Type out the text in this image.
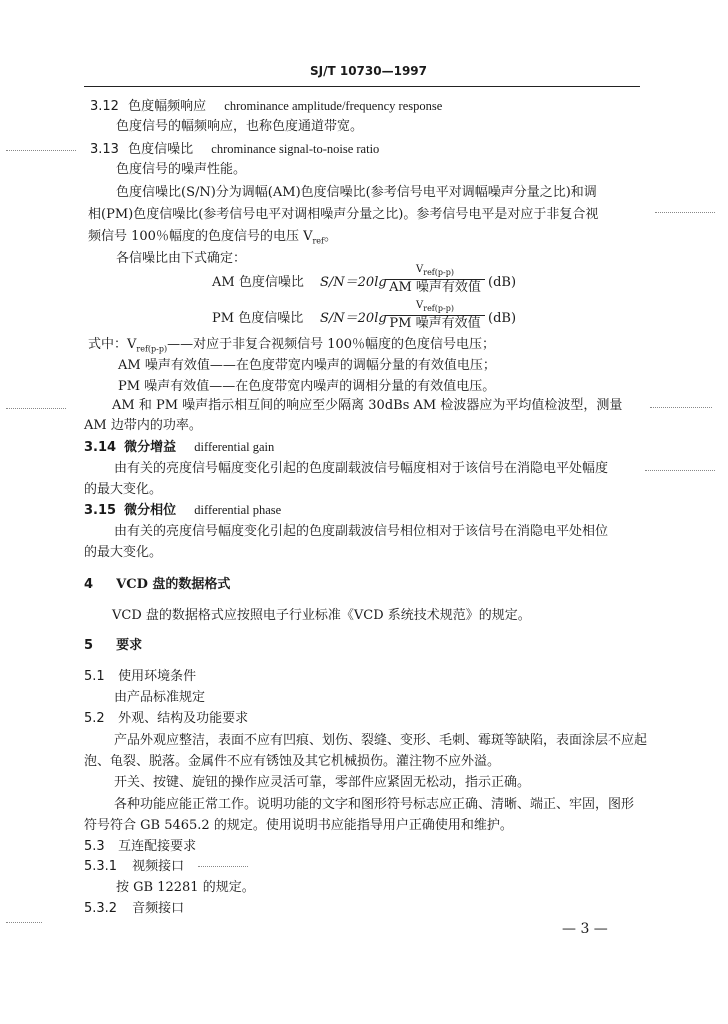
SJ/T 10730—1997
3.12 色度幅频响应 chrominance amplitude/frequency response
色度信号的幅频响应，也称色度通道带宽。
3.13 色度信噪比 chrominance signal-to-noise ratio
色度信号的噪声性能。
色度信噪比(S/N)分为调幅(AM)色度信噪比(参考信号电平对调幅噪声分量之比)和调
相(PM)色度信噪比(参考信号电平对调相噪声分量之比)。参考信号电平是对应于非复合视
频信号 100％幅度的色度信号的电压 $V_{ref}$。
各信噪比由下式确定：
AM 色度信噪比 S/N＝20lg
$V_{ref(p-p)}$
AM 噪声有效值 (dB)
PM 色度信噪比 S/N＝20lg
$V_{ref(p-p)}$
PM 噪声有效值 (dB)
式中：$V_{ref(p-p)}——$对应于非复合视频信号 100％幅度的色度信号电压；
AM 噪声有效值——在色度带宽内噪声的调幅分量的有效值电压；
PM 噪声有效值——在色度带宽内噪声的调相分量的有效值电压。
AM 和 PM 噪声指示相互间的响应至少隔离 30dBs AM 检波器应为平均值检波型，测量
AM 边带内的功率。
3.14 微分增益 differential gain
由有关的亮度信号幅度变化引起的色度副载波信号幅度相对于该信号在消隐电平处幅度
的最大变化。
3.15 微分相位 differential phase
由有关的亮度信号幅度变化引起的色度副载波信号相位相对于该信号在消隐电平处相位
的最大变化。
4 VCD 盘的数据格式
VCD 盘的数据格式应按照电子行业标准《VCD 系统技术规范》的规定。
5 要求
5.1 使用环境条件
由产品标准规定
5.2 外观、结构及功能要求
产品外观应整洁，表面不应有凹痕、划伤、裂缝、变形、毛刺、霉斑等缺陷，表面涂层不应起
泡、龟裂、脱落。金属件不应有锈蚀及其它机械损伤。灌注物不应外溢。
开关、按键、旋钮的操作应灵活可靠，零部件应紧固无松动，指示正确。
各种功能应能正常工作。说明功能的文字和图形符号标志应正确、清晰、端正、牢固，图形
符号符合 GB 5465.2 的规定。使用说明书应能指导用户正确使用和维护。
5.3 互连配接要求
5.3.1 视频接口
按 GB 12281 的规定。
5.3.2 音频接口
— 3 —
